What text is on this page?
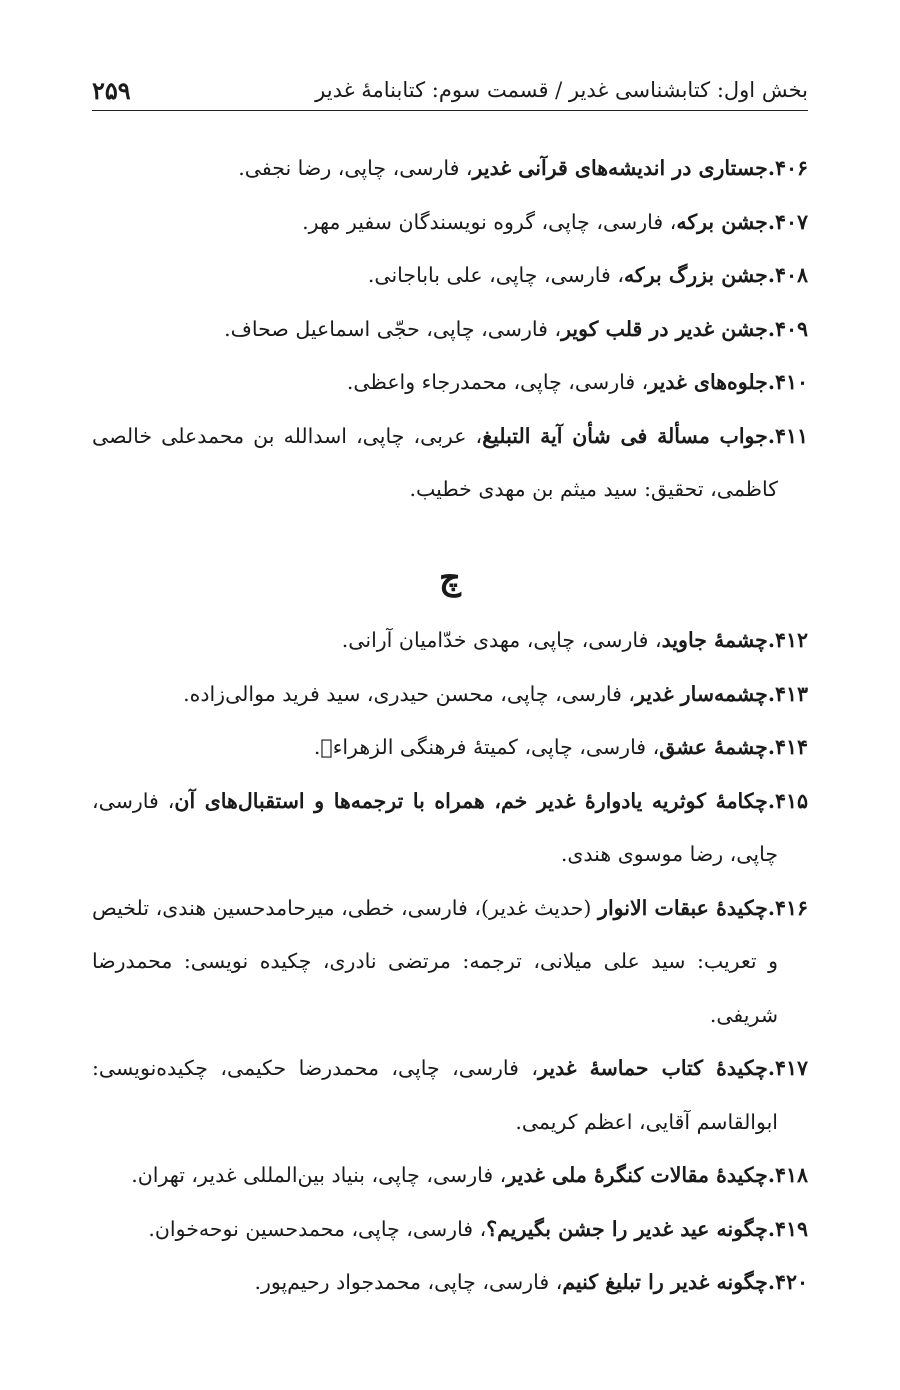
بخش اول: کتابشناسی غدیر / قسمت سوم: کتابنامۀ غدیر
۲۵۹

۴۰۶.جستاری در اندیشه‌های قرآنی غدیر، فارسی، چاپی، رضا نجفی.

۴۰۷.جشن برکه، فارسی، چاپی، گروه نویسندگان سفیر مهر.

۴۰۸.جشن بزرگ برکه، فارسی، چاپی، علی باباجانی.

۴۰۹.جشن غدیر در قلب کویر، فارسی، چاپی، حجّی اسماعیل صحاف.

۴۱۰.جلوه‌های غدیر، فارسی، چاپی، محمدرجاء واعظی.

۴۱۱.جواب مسألة فی شأن آیة التبلیغ، عربی، چاپی، اسدالله بن محمدعلی خالصی کاظمی، تحقیق: سید میثم بن مهدی خطیب.

چ

۴۱۲.چشمۀ جاوید، فارسی، چاپی، مهدی خدّامیان آرانی.

۴۱۳.چشمه‌سار غدیر، فارسی، چاپی، محسن حیدری، سید فرید موالی‌زاده.

۴۱۴.چشمۀ عشق، فارسی، چاپی، کمیتۀ فرهنگی الزهراء﷤.

۴۱۵.چکامۀ کوثریه یادوارۀ غدیر خم، همراه با ترجمه‌ها و استقبال‌های آن، فارسی، چاپی، رضا موسوی هندی.

۴۱۶.چکیدۀ عبقات الانوار (حدیث غدیر)، فارسی، خطی، میرحامدحسین هندی، تلخیص و تعریب: سید علی میلانی، ترجمه: مرتضی نادری، چکیده نویسی: محمدرضا شریفی.

۴۱۷.چکیدۀ کتاب حماسۀ غدیر، فارسی، چاپی، محمدرضا حکیمی، چکیده‌نویسی: ابوالقاسم آقایی، اعظم کریمی.

۴۱۸.چکیدۀ مقالات کنگرۀ ملی غدیر، فارسی، چاپی، بنیاد بین‌المللی غدیر، تهران.

۴۱۹.چگونه عید غدیر را جشن بگیریم؟، فارسی، چاپی، محمدحسین نوحه‌خوان.

۴۲۰.چگونه غدیر را تبلیغ کنیم، فارسی، چاپی، محمدجواد رحیم‌پور.
